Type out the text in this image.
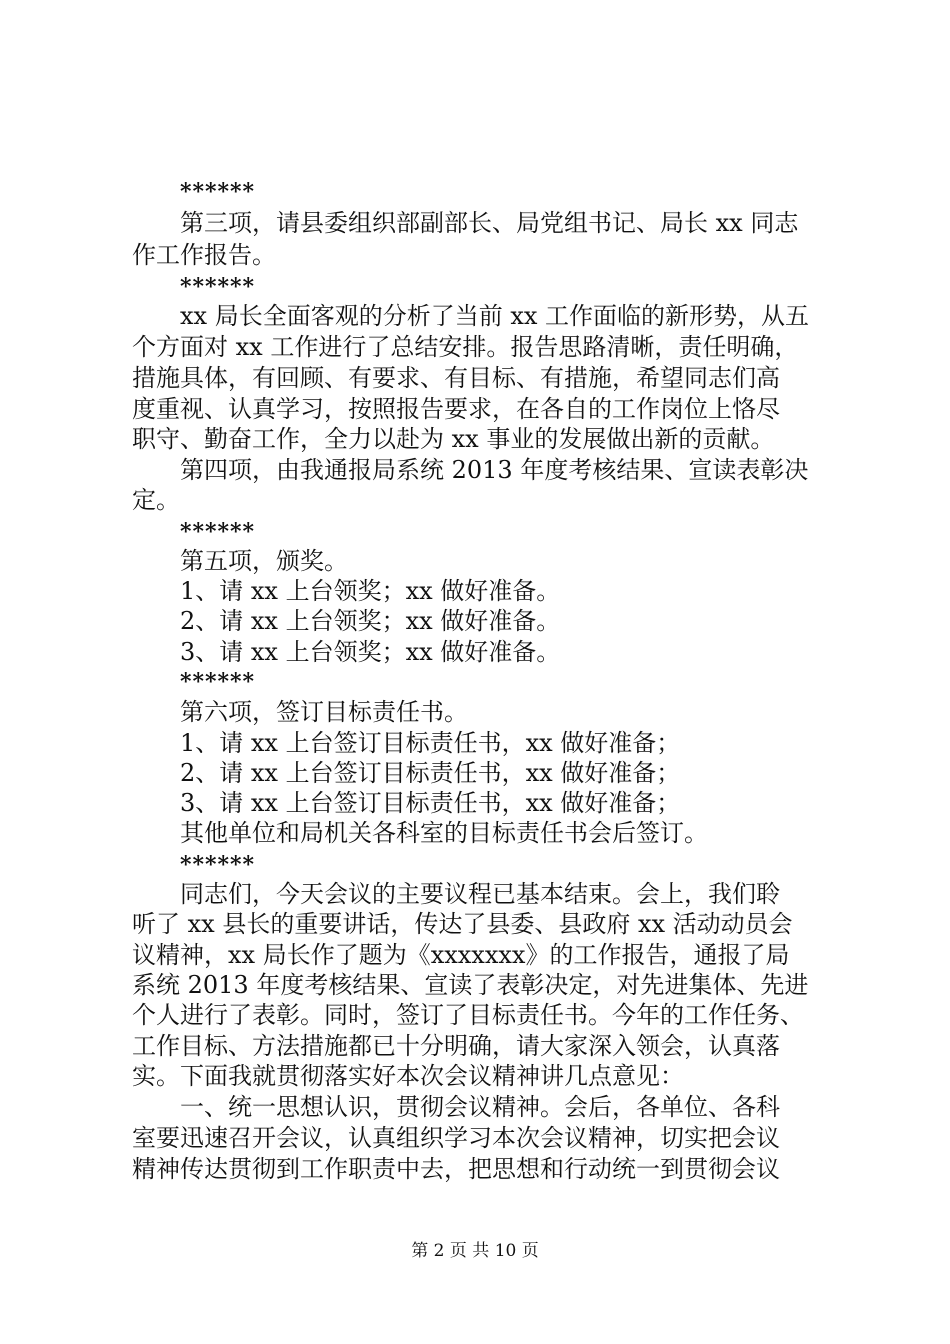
******
第三项，请县委组织部副部长、局党组书记、局长 xx 同志
作工作报告。
******
xx 局长全面客观的分析了当前 xx 工作面临的新形势，从五
个方面对 xx 工作进行了总结安排。报告思路清晰，责任明确，
措施具体，有回顾、有要求、有目标、有措施，希望同志们高
度重视、认真学习，按照报告要求，在各自的工作岗位上恪尽
职守、勤奋工作，全力以赴为 xx 事业的发展做出新的贡献。
第四项，由我通报局系统 2013 年度考核结果、宣读表彰决
定。
******
第五项，颁奖。
1、请 xx 上台领奖；xx 做好准备。
2、请 xx 上台领奖；xx 做好准备。
3、请 xx 上台领奖；xx 做好准备。
******
第六项，签订目标责任书。
1、请 xx 上台签订目标责任书，xx 做好准备；
2、请 xx 上台签订目标责任书，xx 做好准备；
3、请 xx 上台签订目标责任书，xx 做好准备；
其他单位和局机关各科室的目标责任书会后签订。
******
同志们，今天会议的主要议程已基本结束。会上，我们聆
听了 xx 县长的重要讲话，传达了县委、县政府 xx 活动动员会
议精神，xx 局长作了题为《xxxxxxx》的工作报告，通报了局
系统 2013 年度考核结果、宣读了表彰决定，对先进集体、先进
个人进行了表彰。同时，签订了目标责任书。今年的工作任务、
工作目标、方法措施都已十分明确，请大家深入领会，认真落
实。下面我就贯彻落实好本次会议精神讲几点意见：
一、统一思想认识，贯彻会议精神。会后，各单位、各科
室要迅速召开会议，认真组织学习本次会议精神，切实把会议
精神传达贯彻到工作职责中去，把思想和行动统一到贯彻会议
第 2 页 共 10 页
